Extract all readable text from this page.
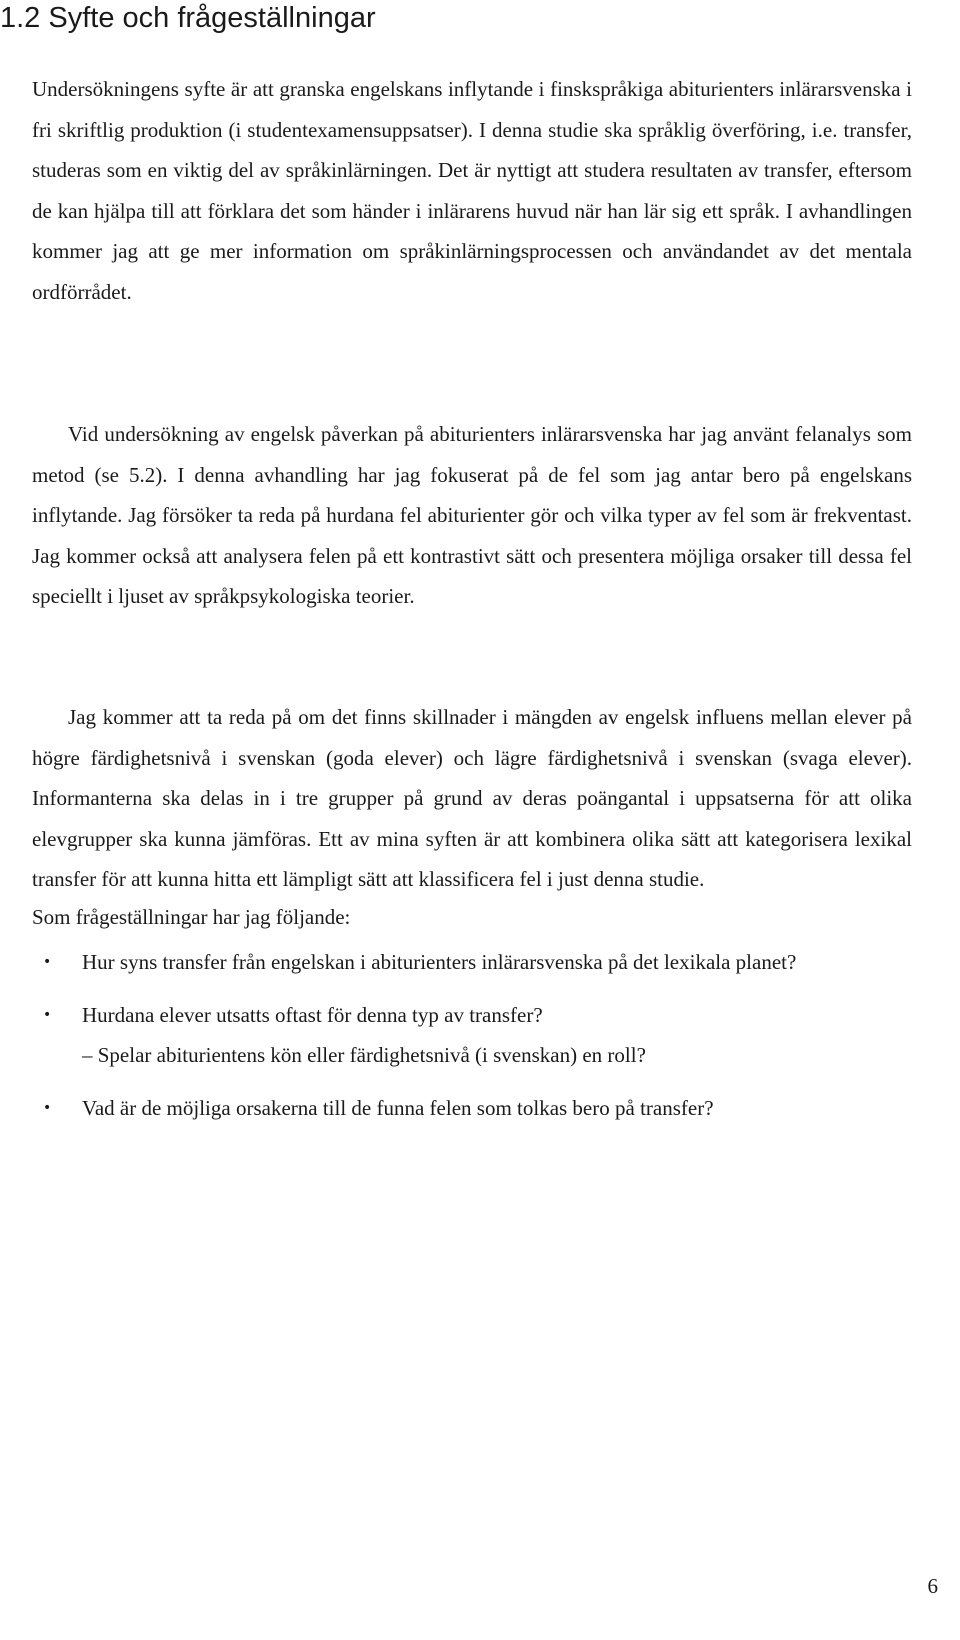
1.2 Syfte och frågeställningar

Undersökningens syfte är att granska engelskans inflytande i finskspråkiga abiturienters inlärarsvenska i fri skriftlig produktion (i studentexamensuppsatser). I denna studie ska språklig överföring, i.e. transfer, studeras som en viktig del av språkinlärningen. Det är nyttigt att studera resultaten av transfer, eftersom de kan hjälpa till att förklara det som händer i inlärarens huvud när han lär sig ett språk. I avhandlingen kommer jag att ge mer information om språkinlärningsprocessen och användandet av det mentala ordförrådet.

Vid undersökning av engelsk påverkan på abiturienters inlärarsvenska har jag använt felanalys som metod (se 5.2). I denna avhandling har jag fokuserat på de fel som jag antar bero på engelskans inflytande. Jag försöker ta reda på hurdana fel abiturienter gör och vilka typer av fel som är frekventast. Jag kommer också att analysera felen på ett kontrastivt sätt och presentera möjliga orsaker till dessa fel speciellt i ljuset av språkpsykologiska teorier.

Jag kommer att ta reda på om det finns skillnader i mängden av engelsk influens mellan elever på högre färdighetsnivå i svenskan (goda elever) och lägre färdighetsnivå i svenskan (svaga elever). Informanterna ska delas in i tre grupper på grund av deras poängantal i uppsatserna för att olika elevgrupper ska kunna jämföras. Ett av mina syften är att kombinera olika sätt att kategorisera lexikal transfer för att kunna hitta ett lämpligt sätt att klassificera fel i just denna studie.

Som frågeställningar har jag följande:

• Hur syns transfer från engelskan i abiturienters inlärarsvenska på det lexikala planet?
• Hurdana elever utsatts oftast för denna typ av transfer?
– Spelar abiturientens kön eller färdighetsnivå (i svenskan) en roll?
• Vad är de möjliga orsakerna till de funna felen som tolkas bero på transfer?

6
